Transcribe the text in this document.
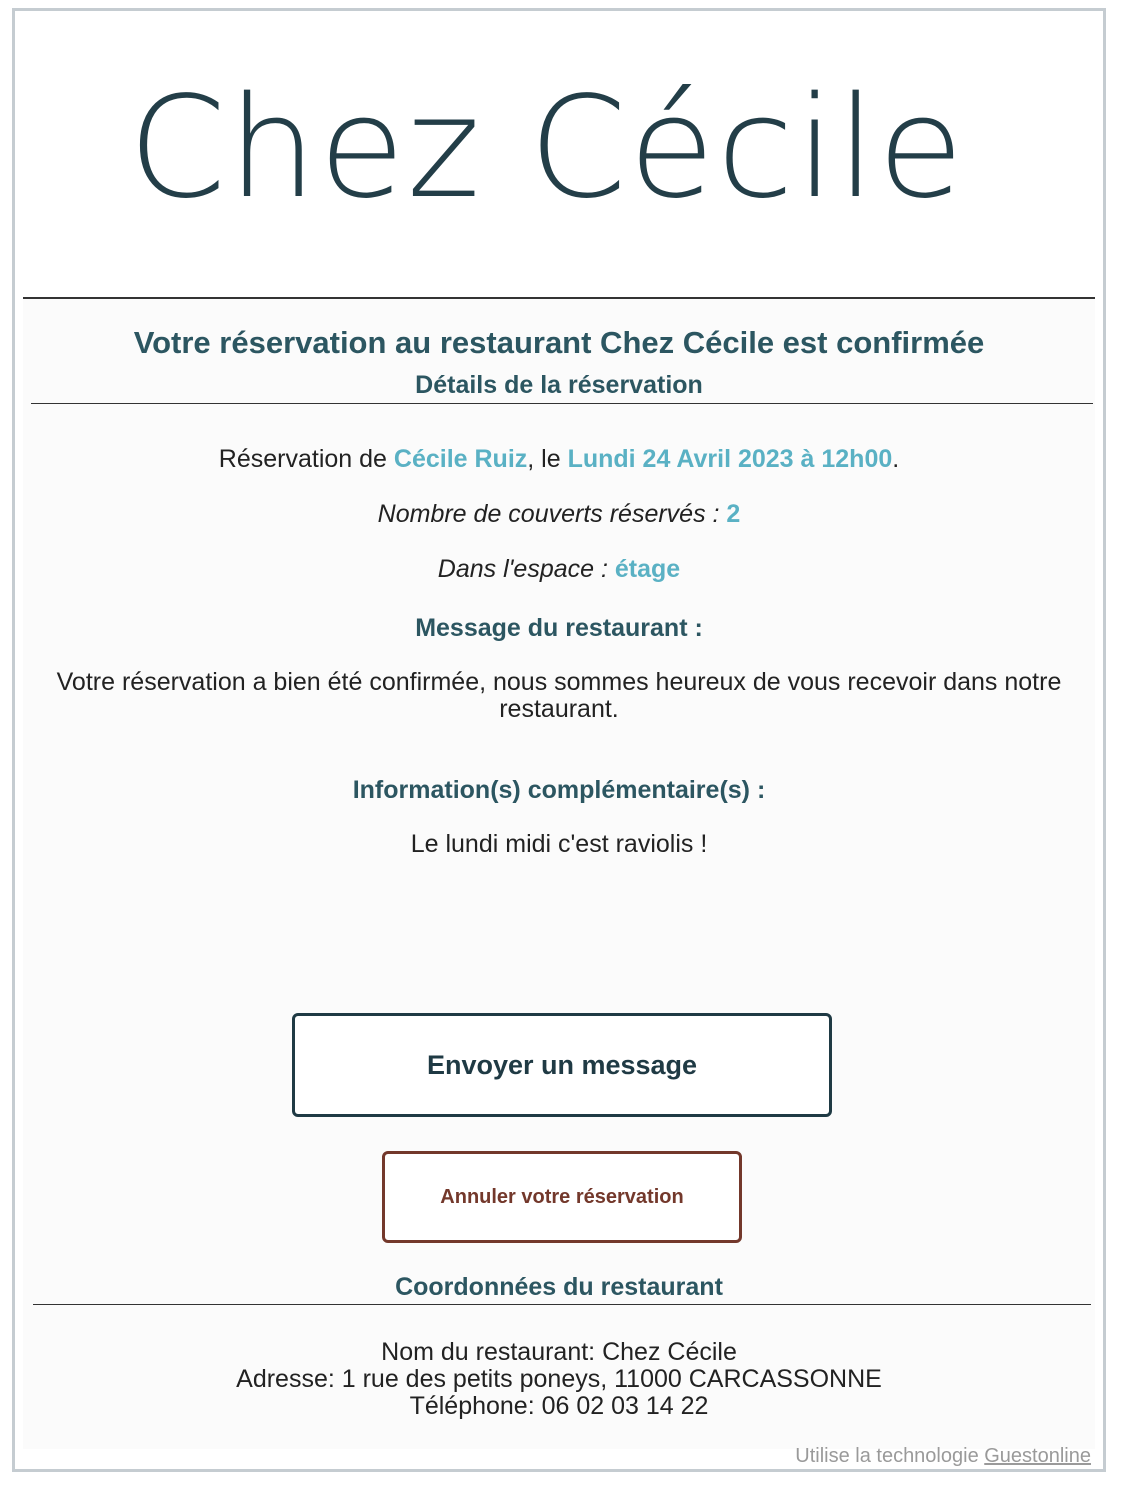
Chez Cécile
Votre réservation au restaurant Chez Cécile est confirmée
Détails de la réservation
Réservation de Cécile Ruiz, le Lundi 24 Avril 2023 à 12h00.
Nombre de couverts réservés : 2
Dans l'espace : étage
Message du restaurant :
Votre réservation a bien été confirmée, nous sommes heureux de vous recevoir dans notre restaurant.
Information(s) complémentaire(s) :
Le lundi midi c'est raviolis !
Envoyer un message
Annuler votre réservation
Coordonnées du restaurant
Nom du restaurant: Chez Cécile
Adresse: 1 rue des petits poneys, 11000 CARCASSONNE
Téléphone: 06 02 03 14 22
Utilise la technologie Guestonline
